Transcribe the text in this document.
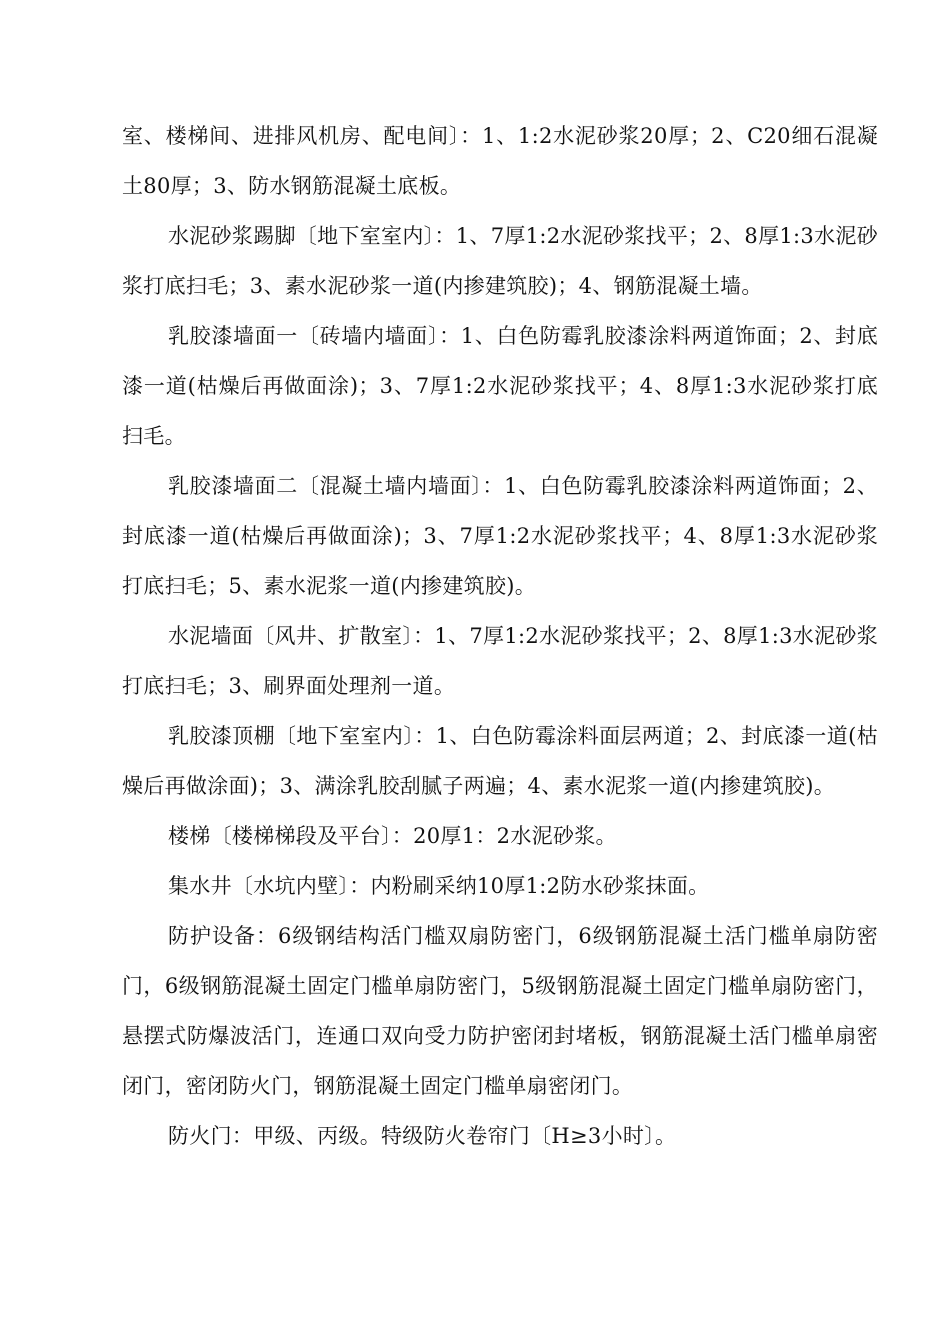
室、楼梯间、进排风机房、配电间〕：1、1:2水泥砂浆20厚；2、C20细石混凝土80厚；3、防水钢筋混凝土底板。

水泥砂浆踢脚〔地下室室内〕：1、7厚1:2水泥砂浆找平；2、8厚1:3水泥砂浆打底扫毛；3、素水泥砂浆一道(内掺建筑胶)；4、钢筋混凝土墙。

乳胶漆墙面一〔砖墙内墙面〕：1、白色防霉乳胶漆涂料两道饰面；2、封底漆一道(枯燥后再做面涂)；3、7厚1:2水泥砂浆找平；4、8厚1:3水泥砂浆打底扫毛。

乳胶漆墙面二〔混凝土墙内墙面〕：1、白色防霉乳胶漆涂料两道饰面；2、封底漆一道(枯燥后再做面涂)；3、7厚1:2水泥砂浆找平；4、8厚1:3水泥砂浆打底扫毛；5、素水泥浆一道(内掺建筑胶)。

水泥墙面〔风井、扩散室〕：1、7厚1:2水泥砂浆找平；2、8厚1:3水泥砂浆打底扫毛；3、刷界面处理剂一道。

乳胶漆顶棚〔地下室室内〕：1、白色防霉涂料面层两道；2、封底漆一道(枯燥后再做涂面)；3、满涂乳胶刮腻子两遍；4、素水泥浆一道(内掺建筑胶)。

楼梯〔楼梯梯段及平台〕：20厚1：2水泥砂浆。

集水井〔水坑内壁〕：内粉刷采纳10厚1:2防水砂浆抹面。

防护设备：6级钢结构活门槛双扇防密门，6级钢筋混凝土活门槛单扇防密门，6级钢筋混凝土固定门槛单扇防密门，5级钢筋混凝土固定门槛单扇防密门，悬摆式防爆波活门，连通口双向受力防护密闭封堵板，钢筋混凝土活门槛单扇密闭门，密闭防火门，钢筋混凝土固定门槛单扇密闭门。

防火门：甲级、丙级。特级防火卷帘门〔H≥3小时〕。
